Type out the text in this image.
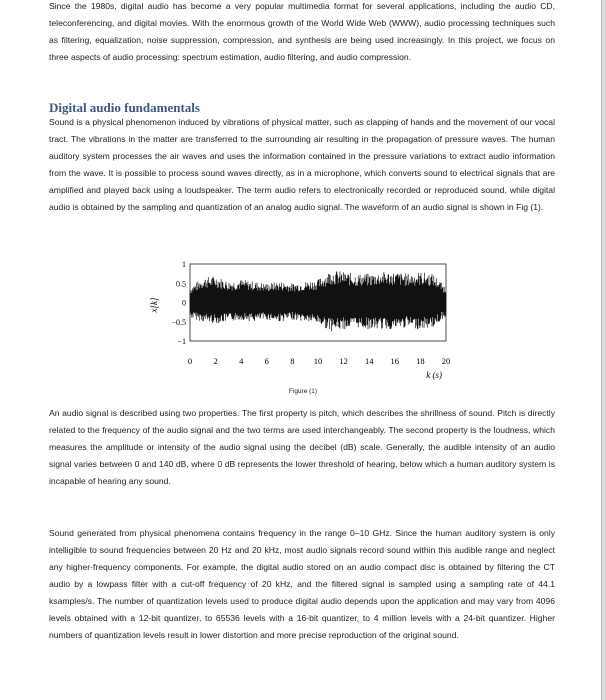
Since the 1980s, digital audio has become a very popular multimedia format for several applications, including the audio CD, teleconferencing, and digital movies. With the enormous growth of the World Wide Web (WWW), audio processing techniques such as filtering, equalization, noise suppression, compression, and synthesis are being used increasingly. In this project, we focus on three aspects of audio processing: spectrum estimation, audio filtering, and audio compression.

Digital audio fundamentals

Sound is a physical phenomenon induced by vibrations of physical matter, such as clapping of hands and the movement of our vocal tract. The vibrations in the matter are transferred to the surrounding air resulting in the propagation of pressure waves. The human auditory system processes the air waves and uses the information contained in the pressure variations to extract audio information from the wave. It is possible to process sound waves directly, as in a microphone, which converts sound to electrical signals that are amplified and played back using a loudspeaker. The term audio refers to electronically recorded or reproduced sound, while digital audio is obtained by the sampling and quantization of an analog audio signal. The waveform of an audio signal is shown in Fig (1).

1
0.5
0
−0.5
−1
0	2	4	6	8 10 12 14 16 18 20
x[k]
k (s)
Figure (1)

An audio signal is described using two properties. The first property is pitch, which describes the shrillness of sound. Pitch is directly related to the frequency of the audio signal and the two terms are used interchangeably. The second property is the loudness, which measures the amplitude or intensity of the audio signal using the decibel (dB) scale. Generally, the audible intensity of an audio signal varies between 0 and 140 dB, where 0 dB represents the lower threshold of hearing, below which a human auditory system is incapable of hearing any sound.

Sound generated from physical phenomena contains frequency in the range 0–10 GHz. Since the human auditory system is only intelligible to sound frequencies between 20 Hz and 20 kHz, most audio signals record sound within this audible range and neglect any higher-frequency components. For example, the digital audio stored on an audio compact disc is obtained by filtering the CT audio by a lowpass filter with a cut-off frequency of 20 kHz, and the filtered signal is sampled using a sampling rate of 44.1 ksamples/s. The number of quantization levels used to produce digital audio depends upon the application and may vary from 4096 levels obtained with a 12-bit quantizer, to 65536 levels with a 16-bit quantizer, to 4 million levels with a 24-bit quantizer. Higher numbers of quantization levels result in lower distortion and more precise reproduction of the original sound.
